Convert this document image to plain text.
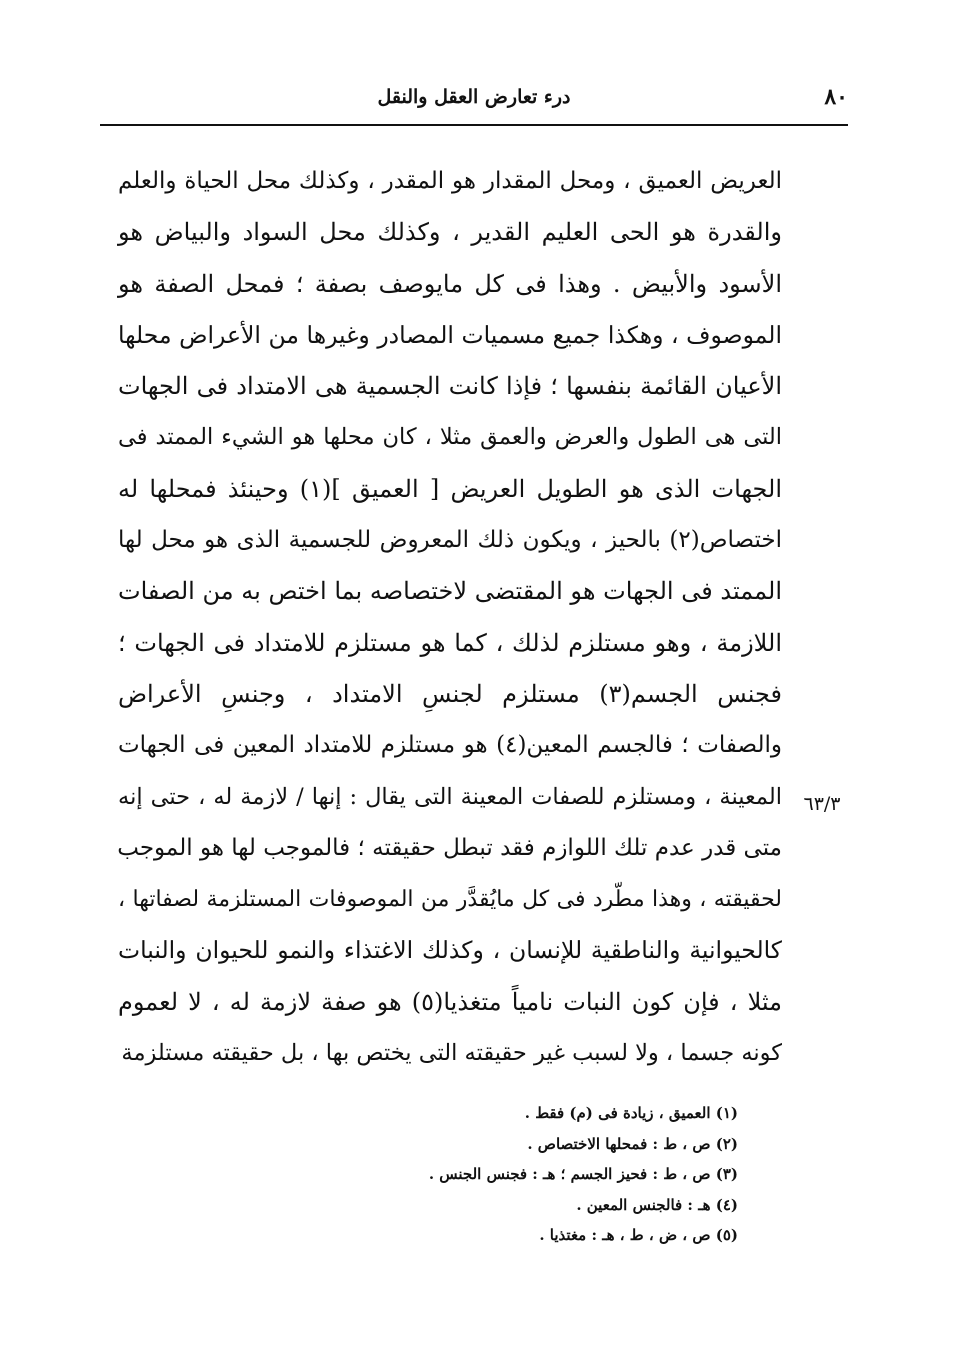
٨٠
درء تعارض العقل والنقل
العريض العميق ، ومحل المقدار هو المقدر ، وكذلك محل الحياة والعلم
والقدرة هو الحى العليم القدير ، وكذلك محل السواد والبياض هو
الأسود والأبيض . وهذا فى كل مايوصف بصفة ؛ فمحل الصفة هو
الموصوف ، وهكذا جميع مسميات المصادر وغيرها من الأعراض محلها
الأعيان القائمة بنفسها ؛ فإذا كانت الجسمية هى الامتداد فى الجهات
التى هى الطول والعرض والعمق مثلا ، كان محلها هو الشيء الممتد فى
الجهات الذى هو الطويل العريض [ العميق ](١) وحينئذ فمحلها له
اختصاص(٢) بالحيز ، ويكون ذلك المعروض للجسمية الذى هو محل لها
الممتد فى الجهات هو المقتضى لاختصاصه بما اختص به من الصفات
اللازمة ، وهو مستلزم لذلك ، كما هو مستلزم للامتداد فى الجهات ؛
فجنس الجسم(٣) مستلزم لجنسِ الامتداد ، وجنسِ الأعراض
والصفات ؛ فالجسم المعين(٤) هو مستلزم للامتداد المعين فى الجهات
المعينة ، ومستلزم للصفات المعينة التى يقال : إنها / لازمة له ، حتى إنه
متى قدر عدم تلك اللوازم فقد تبطل حقيقته ؛ فالموجب لها هو الموجب
لحقيقته ، وهذا مطّرد فى كل مايُقدَّر من الموصوفات المستلزمة لصفاتها ،
كالحيوانية والناطقية للإنسان ، وكذلك الاغتذاء والنمو للحيوان والنبات
مثلا ، فإن كون النبات نامياً متغذيا(٥) هو صفة لازمة له ، لا لعموم
كونه جسما ، ولا لسبب غير حقيقته التى يختص بها ، بل حقيقته مستلزمة
٦٣/٣
(١) العميق ، زيادة فى (م) فقط .
(٢) ص ، ط : فمحلها الاختصاص .
(٣) ص ، ط : فحيز الجسم ؛ هـ : فجنس الجنس .
(٤) هـ : فالجنس المعين .
(٥) ص ، ض ، ط ، هـ : مغتذيا .
